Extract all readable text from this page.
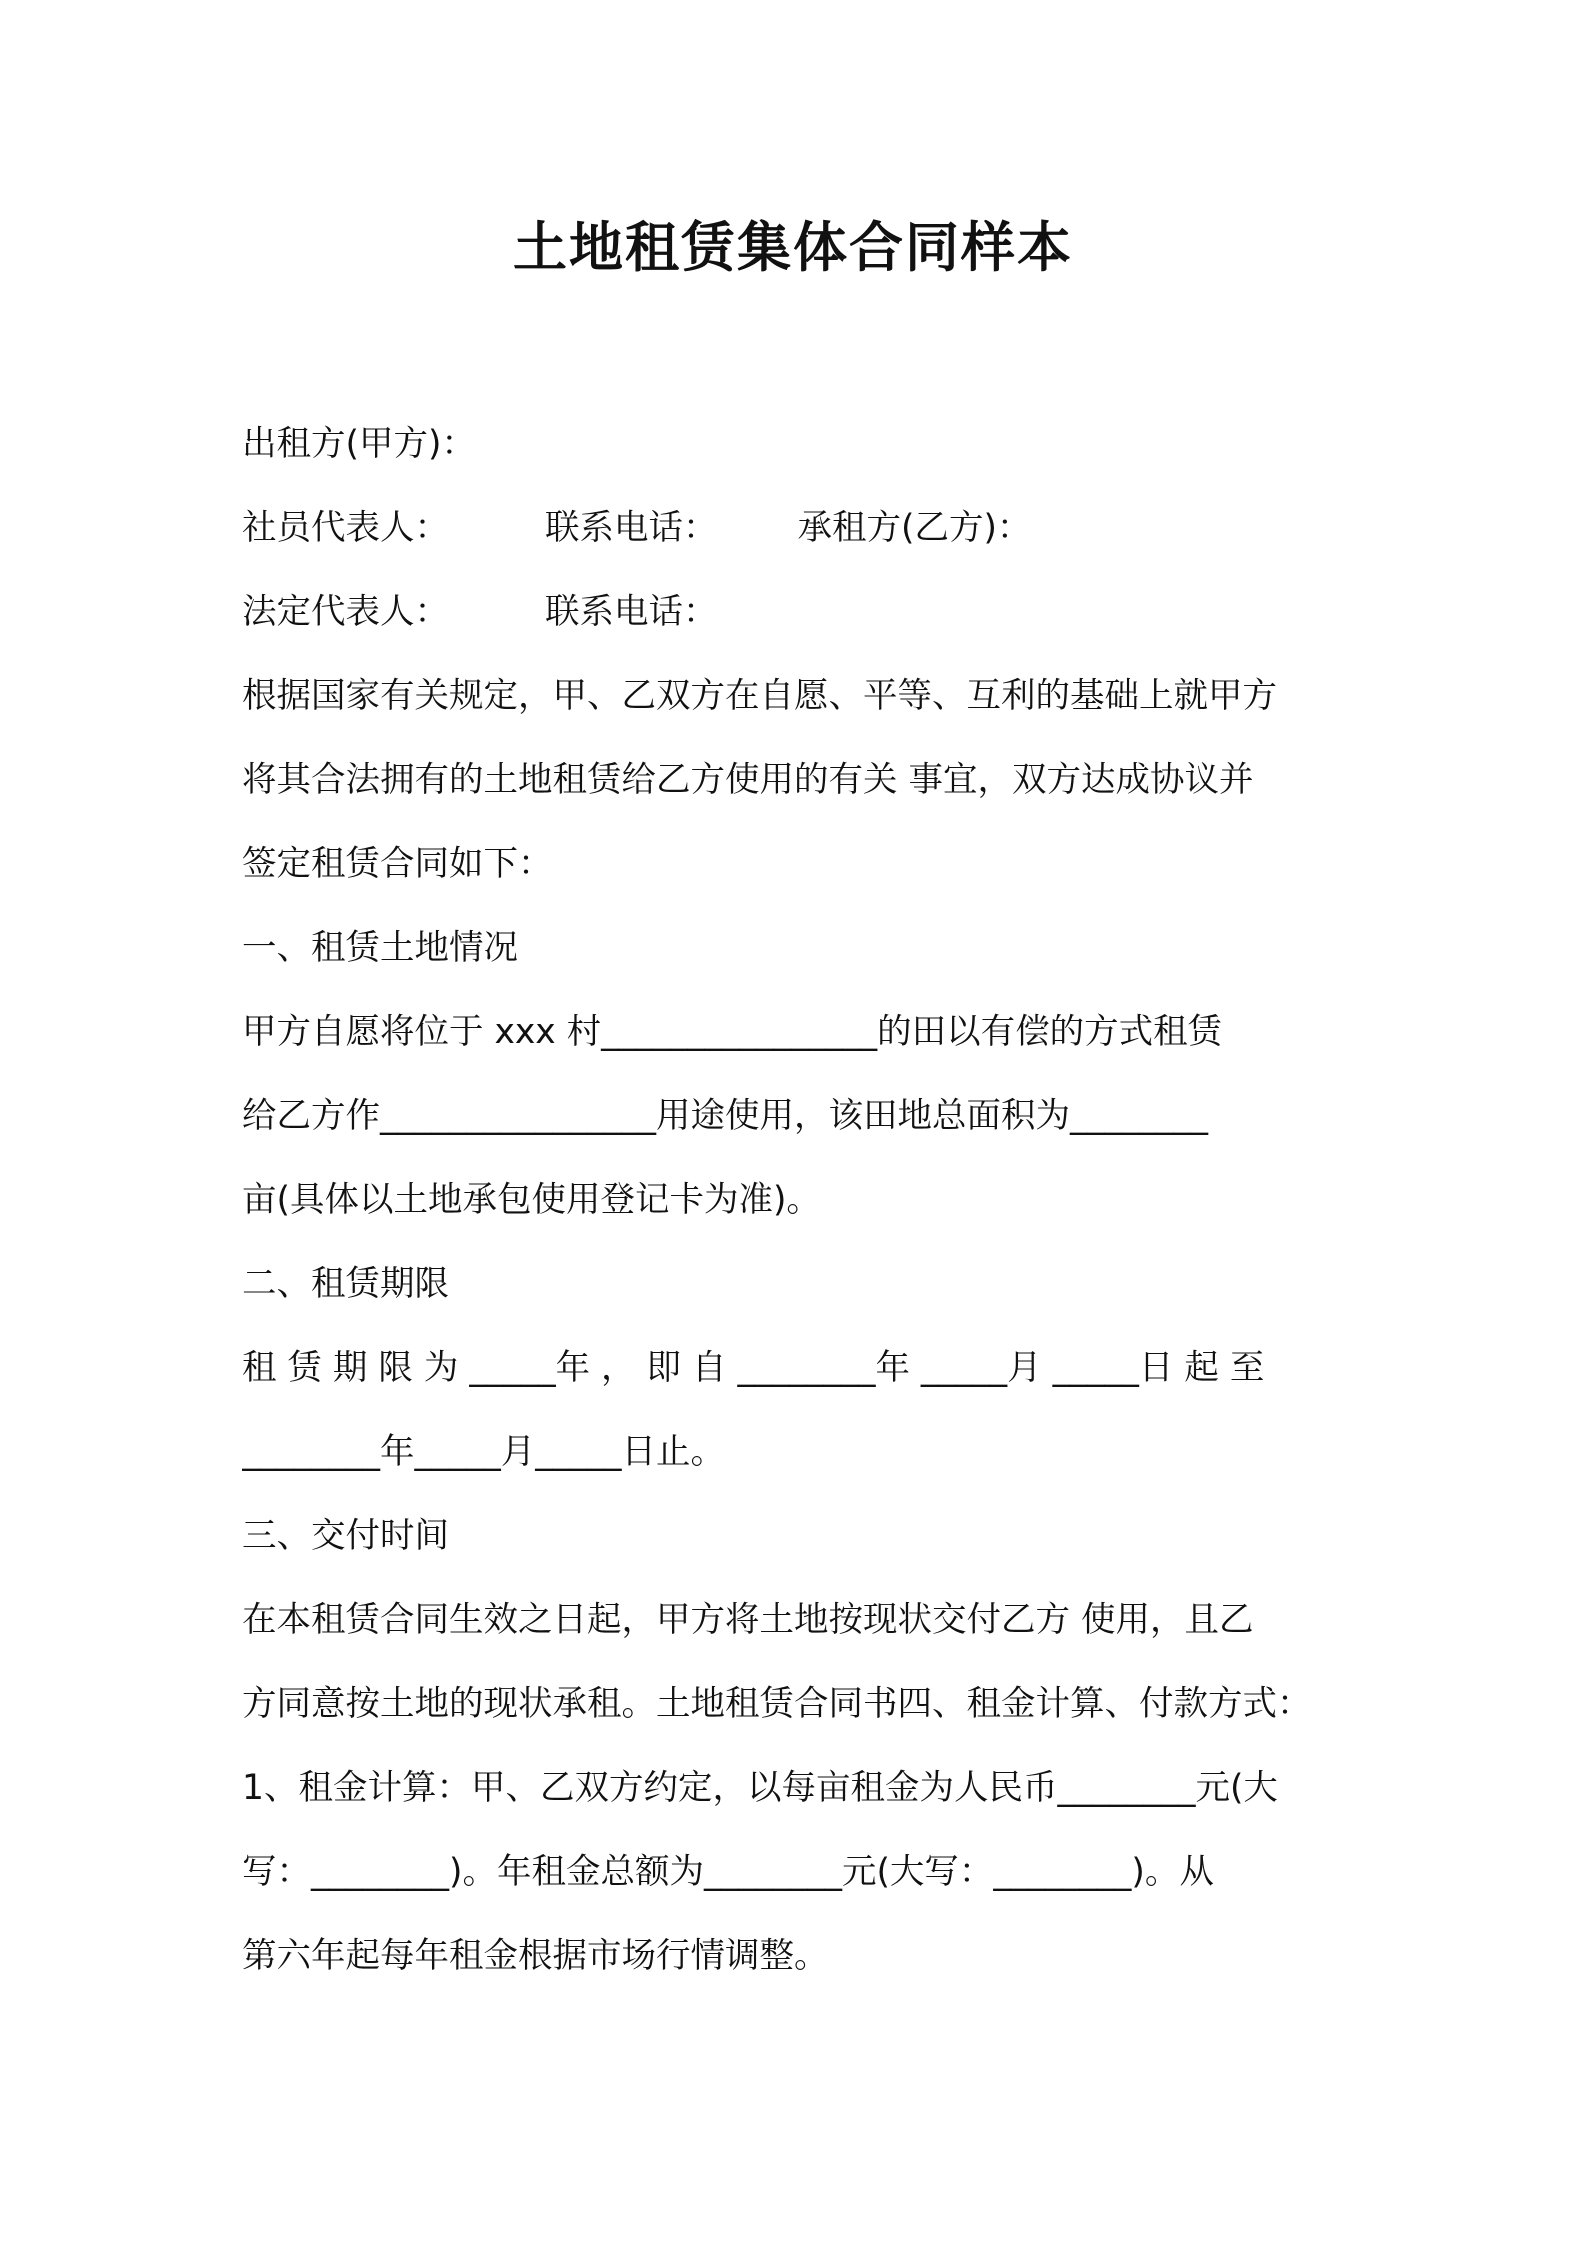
土地租赁集体合同样本
出租方(甲方)：
社员代表人：	联系电话： 承租方(乙方)：
法定代表人：	联系电话：
根据国家有关规定，甲、乙双方在自愿、平等、互利的基础上就甲方
将其合法拥有的土地租赁给乙方使用的有关 事宜，双方达成协议并
签定租赁合同如下：
一、租赁土地情况
甲方自愿将位于 xxx 村________________的田以有偿的方式租赁
给乙方作________________用途使用，该田地总面积为________
亩(具体以土地承包使用登记卡为准)。
二、租赁期限
租 赁 期 限 为 _____年 ， 即 自 ________年 _____月 _____日 起 至
________年_____月_____日止。
三、交付时间
在本租赁合同生效之日起，甲方将土地按现状交付乙方 使用，且乙
方同意按土地的现状承租。土地租赁合同书四、租金计算、付款方式：
1、租金计算：甲、乙双方约定，以每亩租金为人民币________元(大
写：________)。年租金总额为________元(大写：________)。从
第六年起每年租金根据市场行情调整。
